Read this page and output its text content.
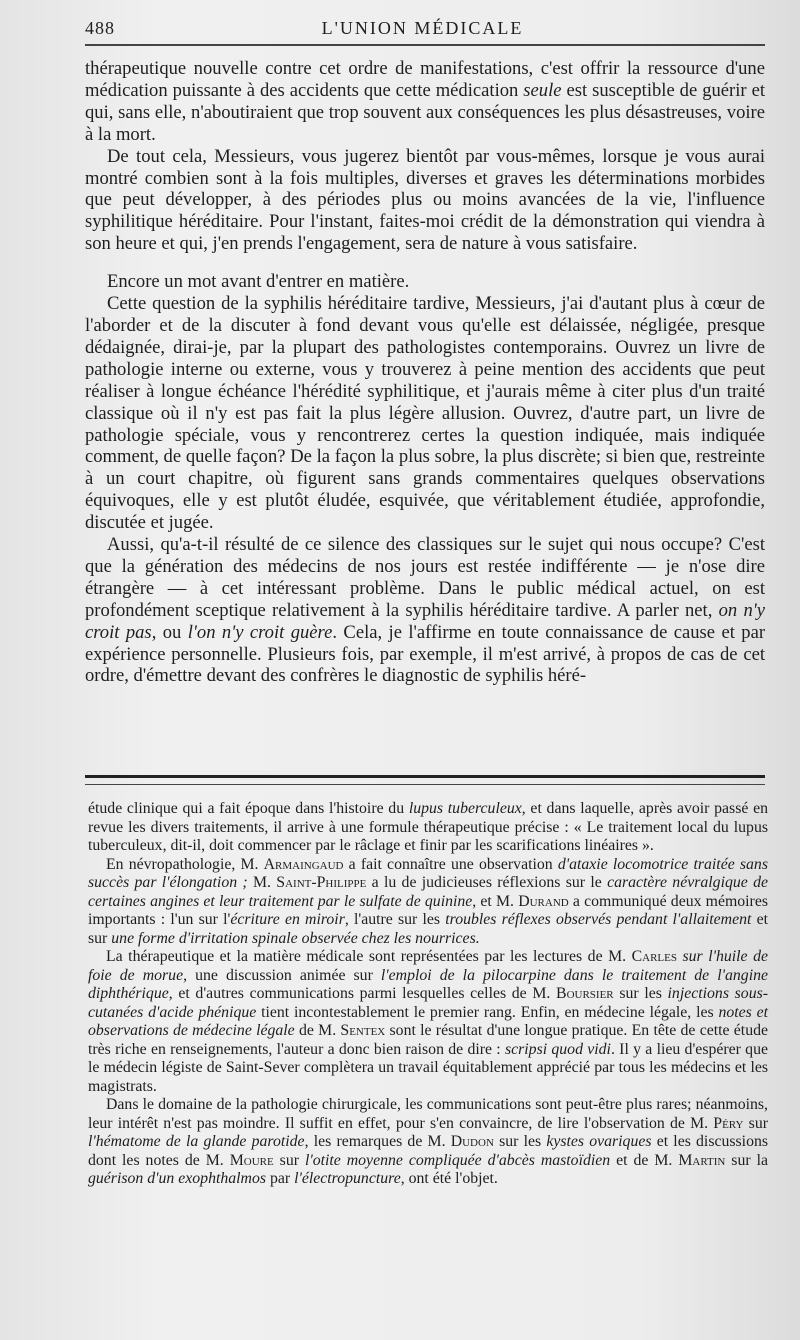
488	L'UNION MÉDICALE

thérapeutique nouvelle contre cet ordre de manifestations, c'est offrir la ressource d'une médication puissante à des accidents que cette médication seule est susceptible de guérir et qui, sans elle, n'aboutiraient que trop souvent aux conséquences les plus désastreuses, voire à la mort.

De tout cela, Messieurs, vous jugerez bientôt par vous-mêmes, lorsque je vous aurai montré combien sont à la fois multiples, diverses et graves les déterminations morbides que peut développer, à des périodes plus ou moins avancées de la vie, l'influence syphilitique héréditaire. Pour l'instant, faites-moi crédit de la démonstration qui viendra à son heure et qui, j'en prends l'engagement, sera de nature à vous satisfaire.

Encore un mot avant d'entrer en matière.

Cette question de la syphilis héréditaire tardive, Messieurs, j'ai d'autant plus à cœur de l'aborder et de la discuter à fond devant vous qu'elle est délaissée, négligée, presque dédaignée, dirai-je, par la plupart des pathologistes contemporains. Ouvrez un livre de pathologie interne ou externe, vous y trouverez à peine mention des accidents que peut réaliser à longue échéance l'hérédité syphilitique, et j'aurais même à citer plus d'un traité classique où il n'y est pas fait la plus légère allusion. Ouvrez, d'autre part, un livre de pathologie spéciale, vous y rencontrerez certes la question indiquée, mais indiquée comment, de quelle façon? De la façon la plus sobre, la plus discrète; si bien que, restreinte à un court chapitre, où figurent sans grands commentaires quelques observations équivoques, elle y est plutôt éludée, esquivée, que véritablement étudiée, approfondie, discutée et jugée.

Aussi, qu'a-t-il résulté de ce silence des classiques sur le sujet qui nous occupe? C'est que la génération des médecins de nos jours est restée indifférente — je n'ose dire étrangère — à cet intéressant problème. Dans le public médical actuel, on est profondément sceptique relativement à la syphilis héréditaire tardive. A parler net, on n'y croit pas, ou l'on n'y croit guère. Cela, je l'affirme en toute connaissance de cause et par expérience personnelle. Plusieurs fois, par exemple, il m'est arrivé, à propos de cas de cet ordre, d'émettre devant des confrères le diagnostic de syphilis héré-

étude clinique qui a fait époque dans l'histoire du lupus tuberculeux, et dans laquelle, après avoir passé en revue les divers traitements, il arrive à une formule thérapeutique précise : « Le traitement local du lupus tuberculeux, dit-il, doit commencer par le râclage et finir par les scarifications linéaires ».

En névropathologie, M. Armaingaud a fait connaître une observation d'ataxie locomotrice traitée sans succès par l'élongation ; M. Saint-Philippe a lu de judicieuses réflexions sur le caractère névralgique de certaines angines et leur traitement par le sulfate de quinine, et M. Durand a communiqué deux mémoires importants : l'un sur l'écriture en miroir, l'autre sur les troubles réflexes observés pendant l'allaitement et sur une forme d'irritation spinale observée chez les nourrices.

La thérapeutique et la matière médicale sont représentées par les lectures de M. Carles sur l'huile de foie de morue, une discussion animée sur l'emploi de la pilocarpine dans le traitement de l'angine diphthérique, et d'autres communications parmi lesquelles celles de M. Boursier sur les injections sous-cutanées d'acide phénique tient incontestablement le premier rang. Enfin, en médecine légale, les notes et observations de médecine légale de M. Sentex sont le résultat d'une longue pratique. En tête de cette étude très riche en renseignements, l'auteur a donc bien raison de dire : scripsi quod vidi. Il y a lieu d'espérer que le médecin légiste de Saint-Sever complètera un travail équitablement apprécié par tous les médecins et les magistrats.

Dans le domaine de la pathologie chirurgicale, les communications sont peut-être plus rares; néanmoins, leur intérêt n'est pas moindre. Il suffit en effet, pour s'en convaincre, de lire l'observation de M. Péry sur l'hématome de la glande parotide, les remarques de M. Dudon sur les kystes ovariques et les discussions dont les notes de M. Moure sur l'otite moyenne compliquée d'abcès mastoïdien et de M. Martin sur la guérison d'un exophthalmos par l'électropuncture, ont été l'objet.
